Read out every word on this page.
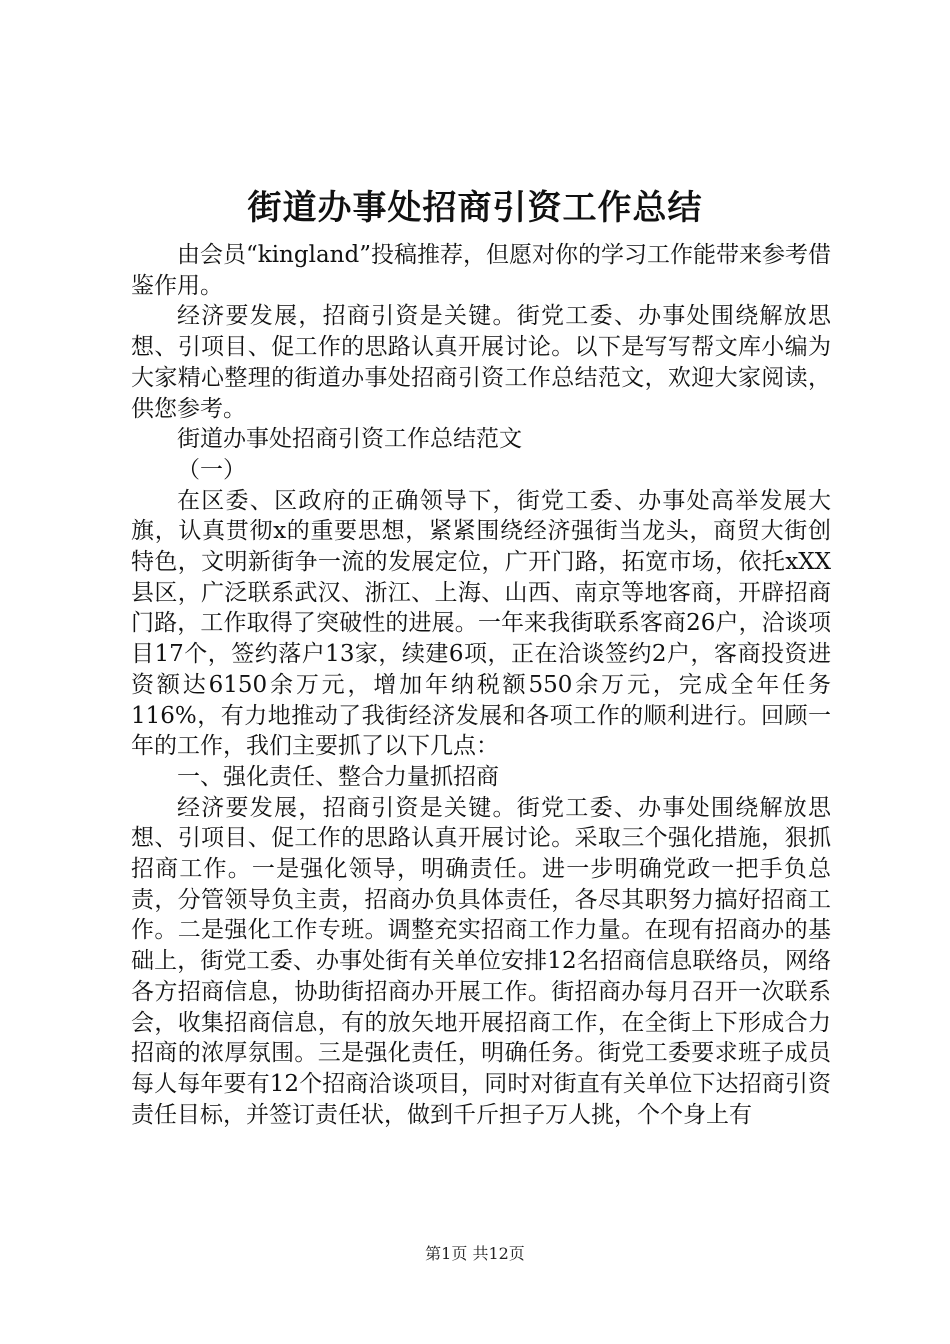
街道办事处招商引资工作总结

由会员“kingland”投稿推荐，但愿对你的学习工作能带来参考借鉴作用。

经济要发展，招商引资是关键。街党工委、办事处围绕解放思想、引项目、促工作的思路认真开展讨论。以下是写写帮文库小编为大家精心整理的街道办事处招商引资工作总结范文，欢迎大家阅读，供您参考。

街道办事处招商引资工作总结范文

（一）

在区委、区政府的正确领导下，街党工委、办事处高举发展大旗，认真贯彻x的重要思想，紧紧围绕经济强街当龙头，商贸大街创特色，文明新街争一流的发展定位，广开门路，拓宽市场，依托xXX县区，广泛联系武汉、浙江、上海、山西、南京等地客商，开辟招商门路，工作取得了突破性的进展。一年来我街联系客商26户，洽谈项目17个，签约落户13家，续建6项，正在洽谈签约2户，客商投资进资额达6150余万元，增加年纳税额550余万元，完成全年任务116%，有力地推动了我街经济发展和各项工作的顺利进行。回顾一年的工作，我们主要抓了以下几点：

一、强化责任、整合力量抓招商

经济要发展，招商引资是关键。街党工委、办事处围绕解放思想、引项目、促工作的思路认真开展讨论。采取三个强化措施，狠抓招商工作。一是强化领导，明确责任。进一步明确党政一把手负总责，分管领导负主责，招商办负具体责任，各尽其职努力搞好招商工作。二是强化工作专班。调整充实招商工作力量。在现有招商办的基础上，街党工委、办事处街有关单位安排12名招商信息联络员，网络各方招商信息，协助街招商办开展工作。街招商办每月召开一次联系会，收集招商信息，有的放矢地开展招商工作，在全街上下形成合力招商的浓厚氛围。三是强化责任，明确任务。街党工委要求班子成员每人每年要有12个招商洽谈项目，同时对街直有关单位下达招商引资责任目标，并签订责任状，做到千斤担子万人挑，个个身上有

第1页 共12页
